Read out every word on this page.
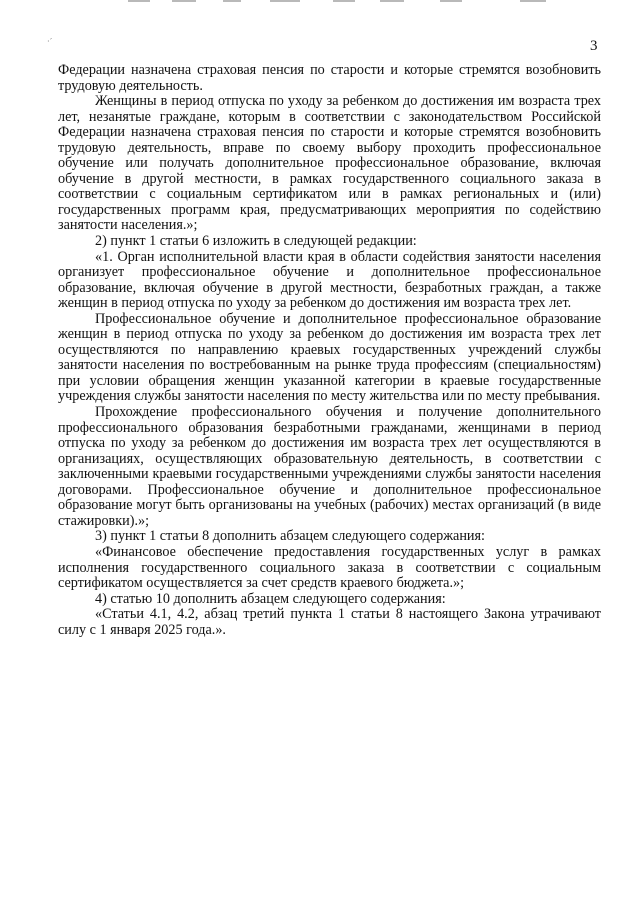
·´	3

Федерации назначена страховая пенсия по старости и которые стремятся возобновить трудовую деятельность.

Женщины в период отпуска по уходу за ребенком до достижения им возраста трех лет, незанятые граждане, которым в соответствии с законодательством Российской Федерации назначена страховая пенсия по старости и которые стремятся возобновить трудовую деятельность, вправе по своему выбору проходить профессиональное обучение или получать дополнительное профессиональное образование, включая обучение в другой местности, в рамках государственного социального заказа в соответствии с социальным сертификатом или в рамках региональных и (или) государственных программ края, предусматривающих мероприятия по содействию занятости населения.»;

2) пункт 1 статьи 6 изложить в следующей редакции:

«1. Орган исполнительной власти края в области содействия занятости населения организует профессиональное обучение и дополнительное профессиональное образование, включая обучение в другой местности, безработных граждан, а также женщин в период отпуска по уходу за ребенком до достижения им возраста трех лет.

Профессиональное обучение и дополнительное профессиональное образование женщин в период отпуска по уходу за ребенком до достижения им возраста трех лет осуществляются по направлению краевых государственных учреждений службы занятости населения по востребованным на рынке труда профессиям (специальностям) при условии обращения женщин указанной категории в краевые государственные учреждения службы занятости населения по месту жительства или по месту пребывания.

Прохождение профессионального обучения и получение дополнительного профессионального образования безработными гражданами, женщинами в период отпуска по уходу за ребенком до достижения им возраста трех лет осуществляются в организациях, осуществляющих образовательную деятельность, в соответствии с заключенными краевыми государственными учреждениями службы занятости населения договорами. Профессиональное обучение и дополнительное профессиональное образование могут быть организованы на учебных (рабочих) местах организаций (в виде стажировки).»;

3) пункт 1 статьи 8 дополнить абзацем следующего содержания:

«Финансовое обеспечение предоставления государственных услуг в рамках исполнения государственного социального заказа в соответствии с социальным сертификатом осуществляется за счет средств краевого бюджета.»;

4) статью 10 дополнить абзацем следующего содержания:

«Статьи 4.1, 4.2, абзац третий пункта 1 статьи 8 настоящего Закона утрачивают силу с 1 января 2025 года.».
